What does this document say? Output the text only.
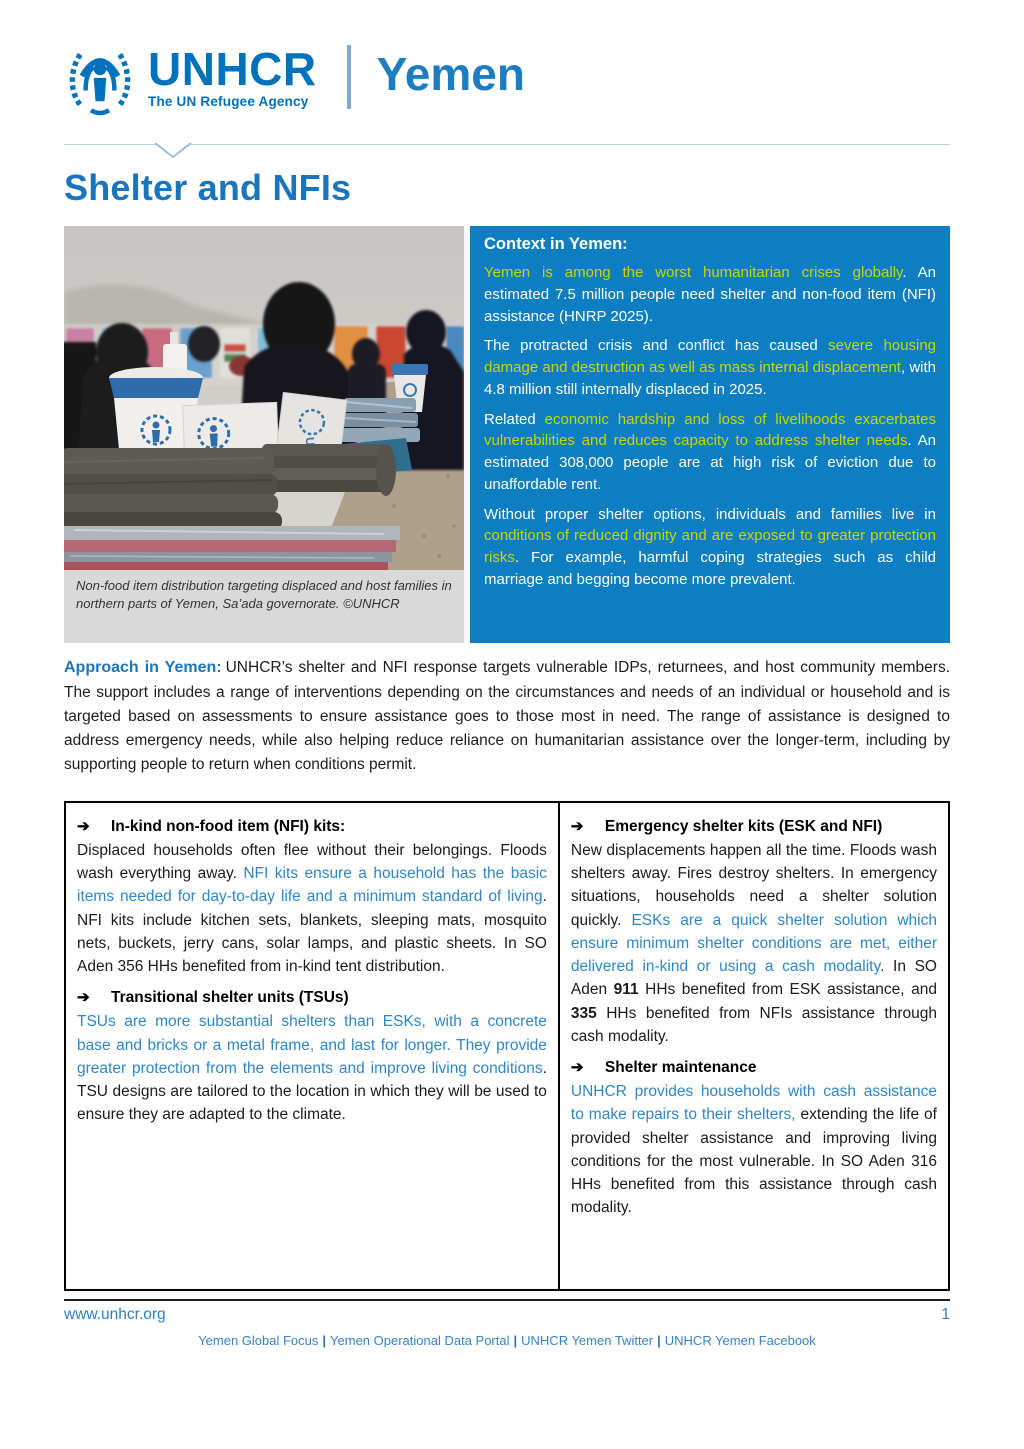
UNHCR
The UN Refugee Agency
Yemen
Shelter and NFIs
Non-food item distribution targeting displaced and host families in northern parts of Yemen, Sa’ada governorate. ©UNHCR
Context in Yemen:

Yemen is among the worst humanitarian crises globally. An estimated 7.5 million people need shelter and non-food item (NFI) assistance (HNRP 2025).

The protracted crisis and conflict has caused severe housing damage and destruction as well as mass internal displacement, with 4.8 million still internally displaced in 2025.

Related economic hardship and loss of livelihoods exacerbates vulnerabilities and reduces capacity to address shelter needs. An estimated 308,000 people are at high risk of eviction due to unaffordable rent.

Without proper shelter options, individuals and families live in conditions of reduced dignity and are exposed to greater protection risks. For example, harmful coping strategies such as child marriage and begging become more prevalent.

Approach in Yemen: UNHCR’s shelter and NFI response targets vulnerable IDPs, returnees, and host community members. The support includes a range of interventions depending on the circumstances and needs of an individual or household and is targeted based on assessments to ensure assistance goes to those most in need. The range of assistance is designed to address emergency needs, while also helping reduce reliance on humanitarian assistance over the longer-term, including by supporting people to return when conditions permit.

➔	In-kind non-food item (NFI) kits:
Displaced households often flee without their belongings. Floods wash everything away. NFI kits ensure a household has the basic items needed for day-to-day life and a minimum standard of living. NFI kits include kitchen sets, blankets, sleeping mats, mosquito nets, buckets, jerry cans, solar lamps, and plastic sheets. In SO Aden 356 HHs benefited from in-kind tent distribution.
➔	Transitional shelter units (TSUs)
TSUs are more substantial shelters than ESKs, with a concrete base and bricks or a metal frame, and last for longer. They provide greater protection from the elements and improve living conditions. TSU designs are tailored to the location in which they will be used to ensure they are adapted to the climate.
➔	Emergency shelter kits (ESK and NFI)
New displacements happen all the time. Floods wash shelters away. Fires destroy shelters. In emergency situations, households need a shelter solution quickly. ESKs are a quick shelter solution which ensure minimum shelter conditions are met, either delivered in-kind or using a cash modality. In SO Aden 911 HHs benefited from ESK assistance, and 335 HHs benefited from NFIs assistance through cash modality.
➔	Shelter maintenance
UNHCR provides households with cash assistance to make repairs to their shelters, extending the life of provided shelter assistance and improving living conditions for the most vulnerable. In SO Aden 316 HHs benefited from this assistance through cash modality.
www.unhcr.org	1
Yemen Global Focus | Yemen Operational Data Portal | UNHCR Yemen Twitter | UNHCR Yemen Facebook
